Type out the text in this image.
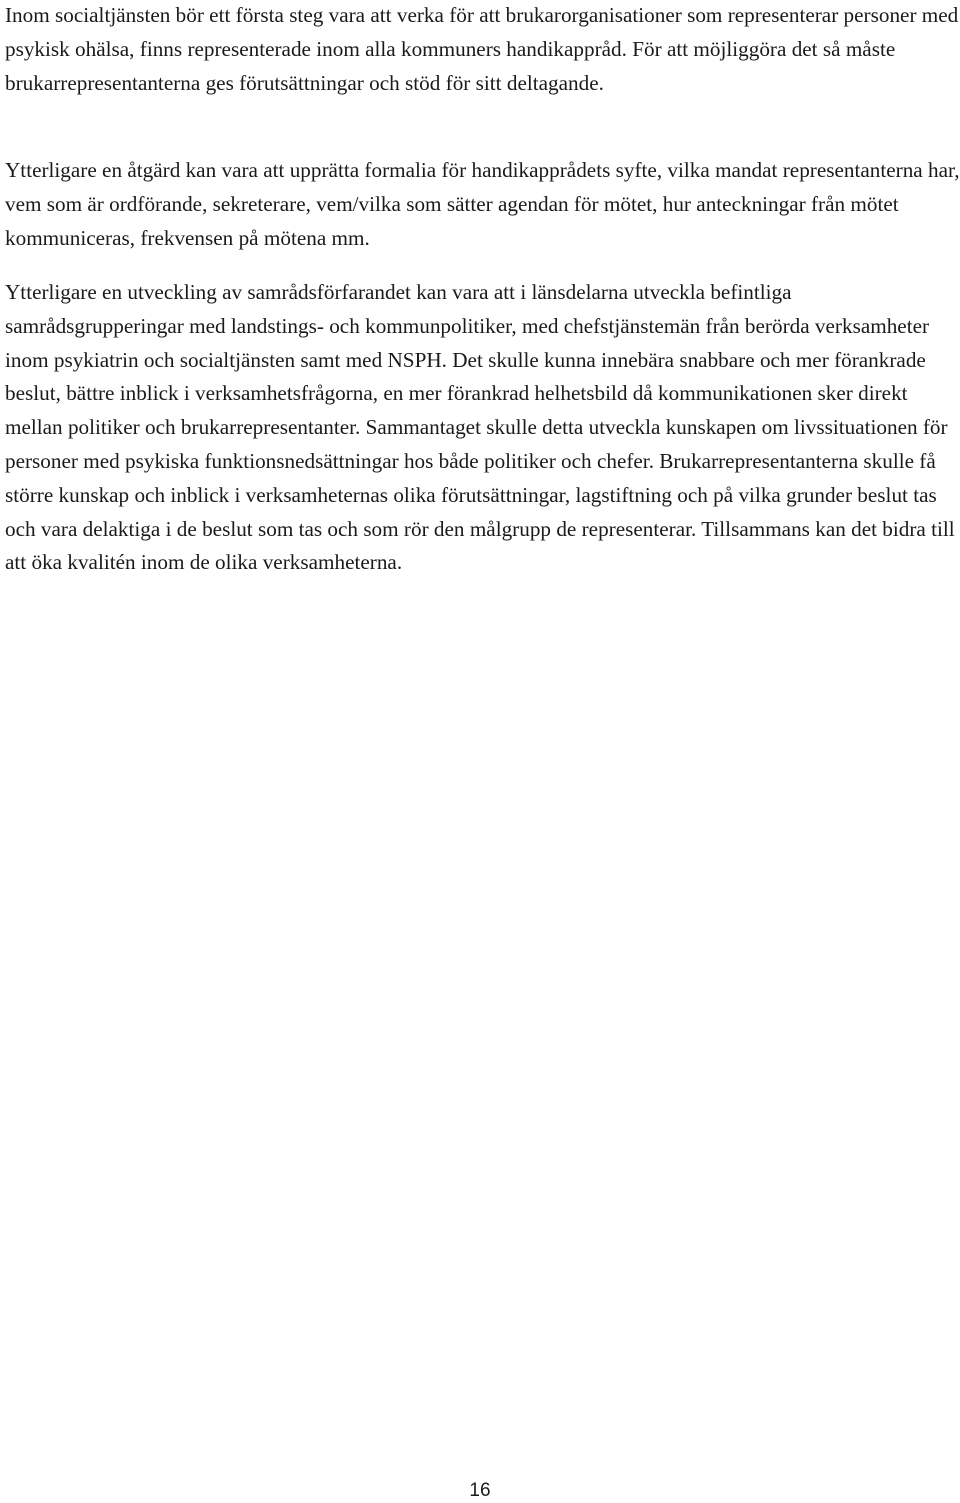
Inom socialtjänsten bör ett första steg vara att verka för att brukarorganisationer som representerar personer med psykisk ohälsa, finns representerade inom alla kommuners handikappråd. För att möjliggöra det så måste brukarrepresentanterna ges förutsättningar och stöd för sitt deltagande.

Ytterligare en åtgärd kan vara att upprätta formalia för handikapprådets syfte, vilka mandat representanterna har, vem som är ordförande, sekreterare, vem/vilka som sätter agendan för mötet, hur anteckningar från mötet kommuniceras, frekvensen på mötena mm.

Ytterligare en utveckling av samrådsförfarandet kan vara att i länsdelarna utveckla befintliga samrådsgrupperingar med landstings- och kommunpolitiker, med chefstjänstemän från berörda verksamheter inom psykiatrin och socialtjänsten samt med NSPH. Det skulle kunna innebära snabbare och mer förankrade beslut, bättre inblick i verksamhetsfrågorna, en mer förankrad helhetsbild då kommunikationen sker direkt mellan politiker och brukarrepresentanter. Sammantaget skulle detta utveckla kunskapen om livssituationen för personer med psykiska funktionsnedsättningar hos både politiker och chefer. Brukarrepresentanterna skulle få större kunskap och inblick i verksamheternas olika förutsättningar, lagstiftning och på vilka grunder beslut tas och vara delaktiga i de beslut som tas och som rör den målgrupp de representerar. Tillsammans kan det bidra till att öka kvalitén inom de olika verksamheterna.

16
